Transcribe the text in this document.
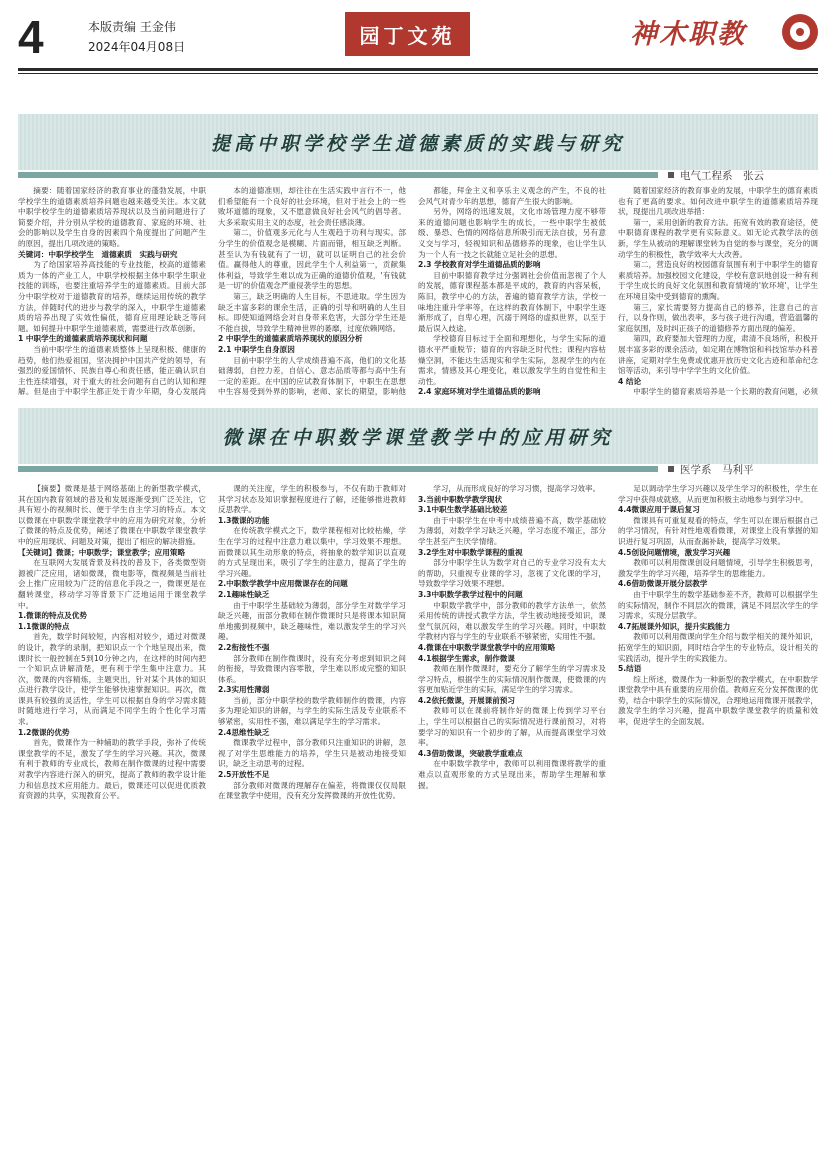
4	本版责编 王金伟
2024年04月08日	园丁文苑	神木职教
提高中职学校学生道德素质的实践与研究
电气工程系　张云

摘要：随着国家经济的教育事业的蓬勃发展，中职学校学生的道德素质培养问题也越来越受关注。本文就中职学校学生的道德素质培养现状以及当前问题进行了简要介绍，并分别从学校的道德教育、家庭的环境、社会的影响以及学生自身的因素四个角度提出了问题产生的原因，提出几项改进的策略。

关键词：中职学校学生　道德素质　实践与研究

为了给国家培养高技能的专业技能，校高的道德素质为一体的产业工人，中职学校根据主体中职学生职业技能的训练，也要注重培养学生的道德素质。目前大部分中职学校对于道德教育的培养，继续运用传统的教学方法，伴随时代的进步与教学的深入，中职学生道德素质的培养出现了实效性偏低，德育应用理论缺乏等问题。如何提升中职学生道德素质，需要进行改革创新。

1 中职学生的道德素质培养现状和问题

当前中职学生的道德素质整体上呈现积极、健康的趋势，他们热爱祖国，坚决拥护中国共产党的领导，有强烈的爱国情怀、民族自尊心和责任感，能正确认识自主性连续增强，对于重大的社会问题有自己的认知和理解。但是由于中职学生都正处于青少年期，身心发展尚

本的道德准则，却往往在生活实践中言行不一，他们希望能有一个良好的社会环境，但对于社会上的一些败坏道德的现象，又不愿意做良好社会风气的倡导者。大多采取实用主义的态度，社会责任感淡薄。

第二，价值观多元化与人生观趋于功利与现实。部分学生的价值观念是模糊、片面而错，相互缺乏判断。甚至认为有钱就有了一切，就可以证明自己的社会价值。赢得他人的尊重，因此学生个人利益第一，贡献集体利益，导致学生难以成为正确的道德价值观，'有钱就是一切'的价值观念严重侵袭学生的思想。

第三，缺乏明确的人生目标，不思进取。学生因为缺乏丰富多彩的课余生活，正确的引导和明确的人生目标。即使知道网络会对自身带来危害，大部分学生还是不能自拔，导致学生精神世界的萎靡，过度依赖网络。

2 中职学生的道德素质培养现状的原因分析

2.1 中职学生自身原因

目前中职学生的人学成绩普遍不高，他们的文化基础薄弱，自控力差，自信心、意志品质等都与高中生有一定的差距。在中国的应试教育体制下，中职生在思想中生容易受到外界的影响，老师、家长的期望，影响他

都能，拜金主义和享乐主义观念的产生，不良的社会风气对青少年的思想，德育产生很大的影响。

另外，网络的迅速发展，文化市场管理力度不够带来的道德问题也影响学生的成长，一些中职学生被低级、暴恐、色情的网络信息所吸引而无法自拔，另有意义交与学习，轻视知识和品德修养的现象，也让学生认为一个人有一技之长就能立足社会的思想。

2.3 学校教育对学生道德品质的影响

目前中职德育教学过分强调社会价值而忽视了个人的发展，德育课程基本都是平成的，教育的内容呆板，陈旧，教学中心的方法，普遍的德育教学方法，学校一味地注重升学率等，在这样的教育体制下，中职学生逐渐形成了，自卑心理，沉溺于网络的虚拟世界，以至于最后误入歧途。

学校德育目标过于全面和理想化，与学生实际的道德水平严重脱节；德育的内容缺乏时代性；课程内容枯燥空洞，不能达生活现实和学生实际，忽视学生的内在需求，情感及其心理变化，难以激发学生的自觉性和主动性。

2.4 家庭环境对学生道德品质的影响

随着国家经济的教育事业的发展，中职学生的德育素质也有了更高的要求。如何改进中职学生的道德素质培养现状，现提出几项改进举措：

第一，采用创新的教育方法。拓宽有效的教育途径，使中职德育课程的教学更有实际意义。如无论式教学法的创新，学生从被动的理解课堂转为自觉的参与课堂，充分的调动学生的积极性，教学效率大大改善。

第二，营造良好的校园德育氛围有利于中职学生的德育素质培养。加强校园文化建设，学校有意识地创设一种有利于学生成长的良好文化氛围和教育情境的'软环境'，让学生在环境目染中受到德育的熏陶。

第三，家长需要努力提高自己的修养，注意自己的言行，以身作则，做出表率，多与孩子进行沟通，营造温馨的家庭氛围，及时纠正孩子的道德修养方面出现的偏差。

第四，政府要加大管理的力度，肃清不良场所，积极开展丰富多彩的课余活动，如定期在博物馆和科技馆举办科普讲座，定期对学生免费或优惠开放历史文化古迹和革命纪念馆等活动，来引导中学学生的文化价值。

4 结论

中职学生的德育素质培养是一个长期的教育问题，必须

微课在中职数学课堂教学中的应用研究
医学系　马利平

【摘要】微课是基于网络基础上的新型教学模式，其在国内教育领域的普及和发展逐渐受到广泛关注，它具有短小的视频时长、便于学生自主学习的特点。本文以微课在中职数学课堂教学中的应用为研究对象，分析了微课的特点及优势，阐述了微课在中职数学课堂教学中的应用现状、问题及对策，提出了相应的解决措施。

【关键词】微课；中职数学；课堂教学；应用策略

在互联网大发展背景及科技的普及下，各类微型资源被广泛应用，诸如微课，微电影等，微视频是当前社会上推广应用较为广泛的信息化手段之一，微课更是在翻转课堂，移动学习等背景下广泛地运用于课堂教学中。

1.微课的特点及优势

1.1微课的特点

首先，数学时间较短，内容相对较少，通过对微课的设计，教学的录制，把知识点一个个地呈现出来，微课时长一般控制在5到10分钟之内，在这样的时间内把一个知识点讲解清楚，更有利于学生集中注意力。其次，微课的内容精炼，主题突出，针对某个具体的知识点进行教学设计，使学生能够快速掌握知识。再次，微课具有较强的灵活性，学生可以根据自身的学习需求随时随地进行学习，从而满足不同学生的个性化学习需求。

1.2微课的优势

首先，微课作为一种辅助的教学手段，弥补了传统课堂教学的不足，激发了学生的学习兴趣。其次，微课有利于教师的专业成长，教师在制作微课的过程中需要对教学内容进行深入的研究，提高了教师的教学设计能力和信息技术应用能力。最后，微课还可以促进优质教育资源的共享，实现教育公平。

课的关注度，学生的积极参与，不仅有助于教师对其学习状态及知识掌握程度进行了解，还能够推进教师反思教学。

1.3微课的功能

在传统教学模式之下，数学课程相对比较枯燥，学生在学习的过程中注意力难以集中，学习效果不理想。而微课以其生动形象的特点，将抽象的数学知识以直观的方式呈现出来，吸引了学生的注意力，提高了学生的学习兴趣。

2.中职数学教学中应用微课存在的问题

2.1趣味性缺乏

由于中职学生基础较为薄弱，部分学生对数学学习缺乏兴趣，而部分教师在制作微课时只是将课本知识简单地搬到视频中，缺乏趣味性，难以激发学生的学习兴趣。

2.2衔接性不强

部分教师在制作微课时，没有充分考虑到知识之间的衔接，导致微课内容零散，学生难以形成完整的知识体系。

2.3实用性薄弱

当前，部分中职学校的数学教师制作的微课，内容多为理论知识的讲解，与学生的实际生活及专业联系不够紧密，实用性不强，难以满足学生的学习需求。

2.4思维性缺乏

微课教学过程中，部分教师只注重知识的讲解，忽视了对学生思维能力的培养，学生只是被动地接受知识，缺乏主动思考的过程。

2.5开放性不足

部分教师对微课的理解存在偏差，将微课仅仅局限在课堂教学中使用，没有充分发挥微课的开放性优势。

学习，从而形成良好的学习习惯，提高学习效率。

3.当前中职数学教学现状

3.1中职生数学基础比较差

由于中职学生在中考中成绩普遍不高，数学基础较为薄弱，对数学学习缺乏兴趣，学习态度不端正，部分学生甚至产生厌学情绪。

3.2学生对中职数学课程的重视

部分中职学生认为数学对自己的专业学习没有太大的帮助，只重视专业课的学习，忽视了文化课的学习，导致数学学习效果不理想。

3.3中职数学教学过程中的问题

中职数学教学中，部分教师的教学方法单一，依然采用传统的讲授式教学方法，学生被动地接受知识，课堂气氛沉闷，难以激发学生的学习兴趣。同时，中职数学教材内容与学生的专业联系不够紧密，实用性不强。

4.微课在中职数学课堂教学中的应用策略

4.1根据学生需求，制作微课

教师在制作微课时，要充分了解学生的学习需求及学习特点，根据学生的实际情况制作微课，使微课的内容更加贴近学生的实际，满足学生的学习需求。

4.2依托微课，开展课前预习

教师可以在课前将制作好的微课上传到学习平台上，学生可以根据自己的实际情况进行课前预习，对将要学习的知识有一个初步的了解，从而提高课堂学习效率。

4.3借助微课，突破教学重难点

在中职数学教学中，教师可以利用微课将教学的重难点以直观形象的方式呈现出来，帮助学生理解和掌握。

足以调动学生学习兴趣以及学生学习的积极性，学生在学习中获得成就感，从而更加积极主动地参与到学习中。

4.4微课应用于课后复习

微课具有可重复观看的特点，学生可以在课后根据自己的学习情况，有针对性地观看微课，对课堂上没有掌握的知识进行复习巩固，从而查漏补缺，提高学习效果。

4.5创设问题情境，激发学习兴趣

教师可以利用微课创设问题情境，引导学生积极思考，激发学生的学习兴趣，培养学生的思维能力。

4.6借助微课开展分层教学

由于中职学生的数学基础参差不齐，教师可以根据学生的实际情况，制作不同层次的微课，满足不同层次学生的学习需求，实现分层教学。

4.7拓展课外知识，提升实践能力

教师可以利用微课向学生介绍与数学相关的课外知识，拓宽学生的知识面，同时结合学生的专业特点，设计相关的实践活动，提升学生的实践能力。

5.结语

综上所述，微课作为一种新型的教学模式，在中职数学课堂教学中具有重要的应用价值。教师应充分发挥微课的优势，结合中职学生的实际情况，合理地运用微课开展教学，激发学生的学习兴趣，提高中职数学课堂教学的质量和效率，促进学生的全面发展。
